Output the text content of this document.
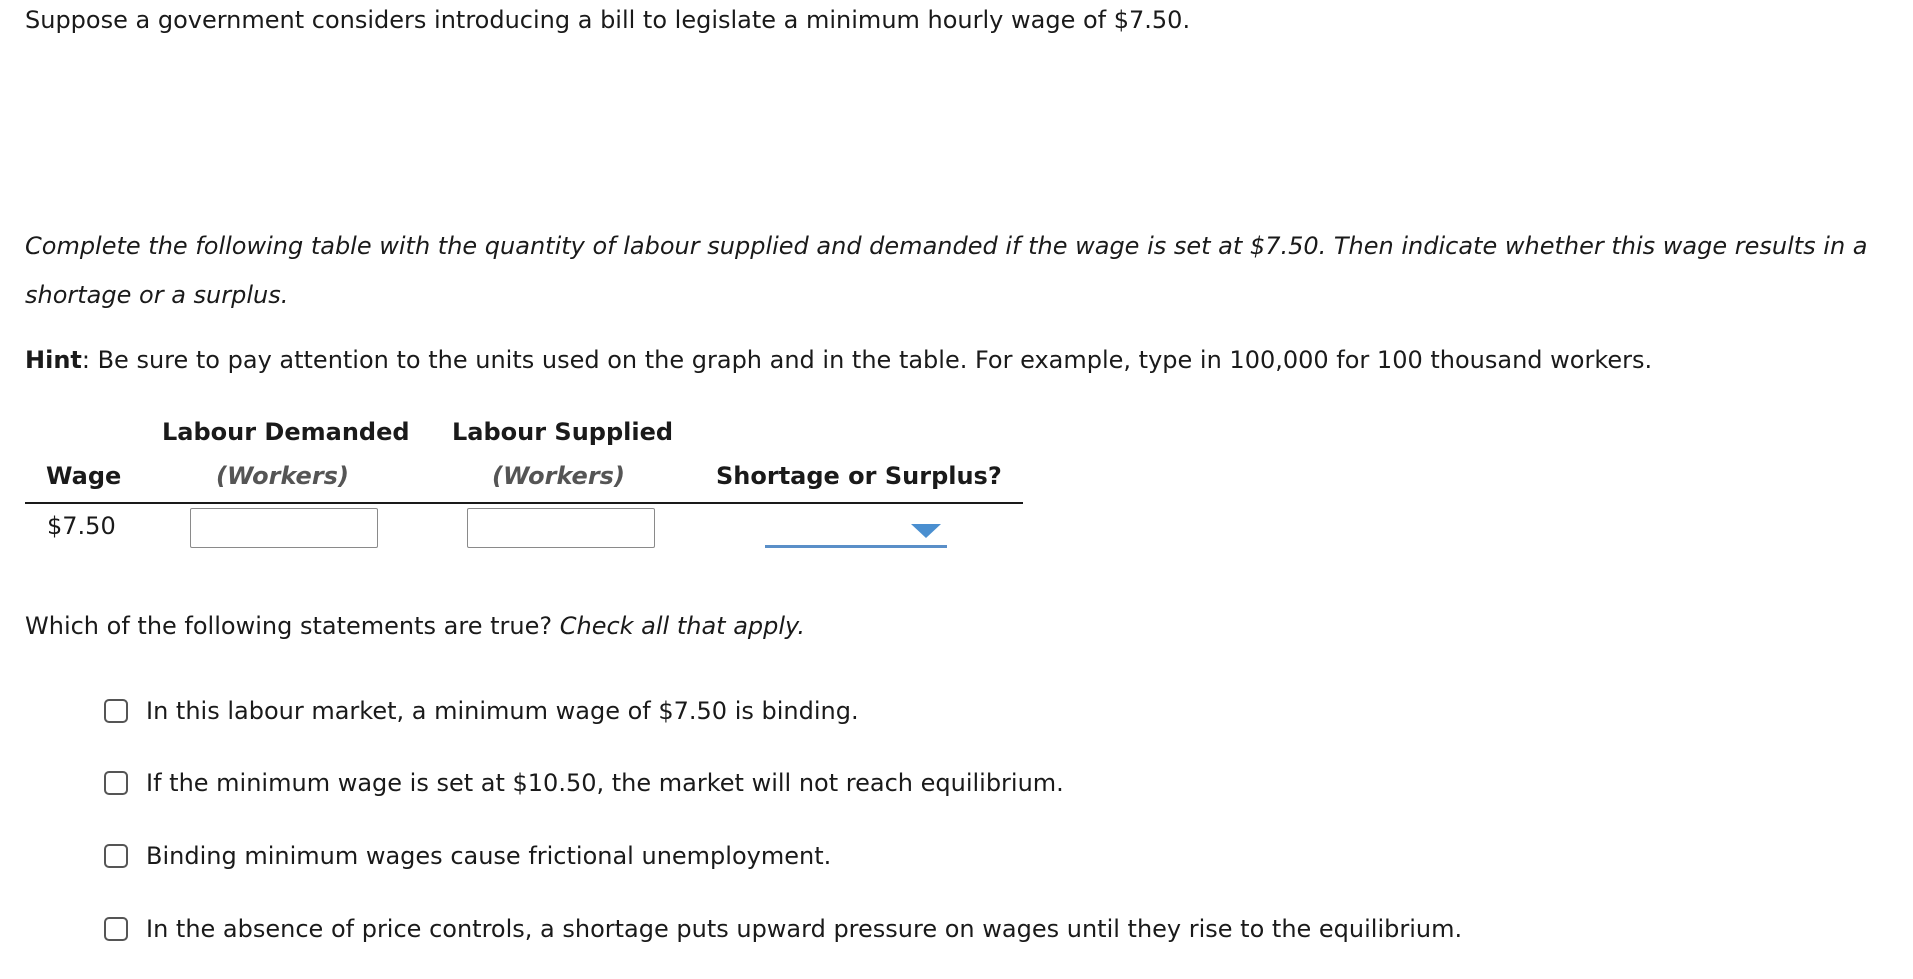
Suppose a government considers introducing a bill to legislate a minimum hourly wage of $7.50.
Complete the following table with the quantity of labour supplied and demanded if the wage is set at $7.50. Then indicate whether this wage results in a shortage or a surplus.
Hint: Be sure to pay attention to the units used on the graph and in the table. For example, type in 100,000 for 100 thousand workers.
Labour Demanded Labour Supplied
Wage	(Workers)	(Workers)	Shortage or Surplus?
$7.50
Which of the following statements are true? Check all that apply.
In this labour market, a minimum wage of $7.50 is binding.
If the minimum wage is set at $10.50, the market will not reach equilibrium.
Binding minimum wages cause frictional unemployment.
In the absence of price controls, a shortage puts upward pressure on wages until they rise to the equilibrium.
